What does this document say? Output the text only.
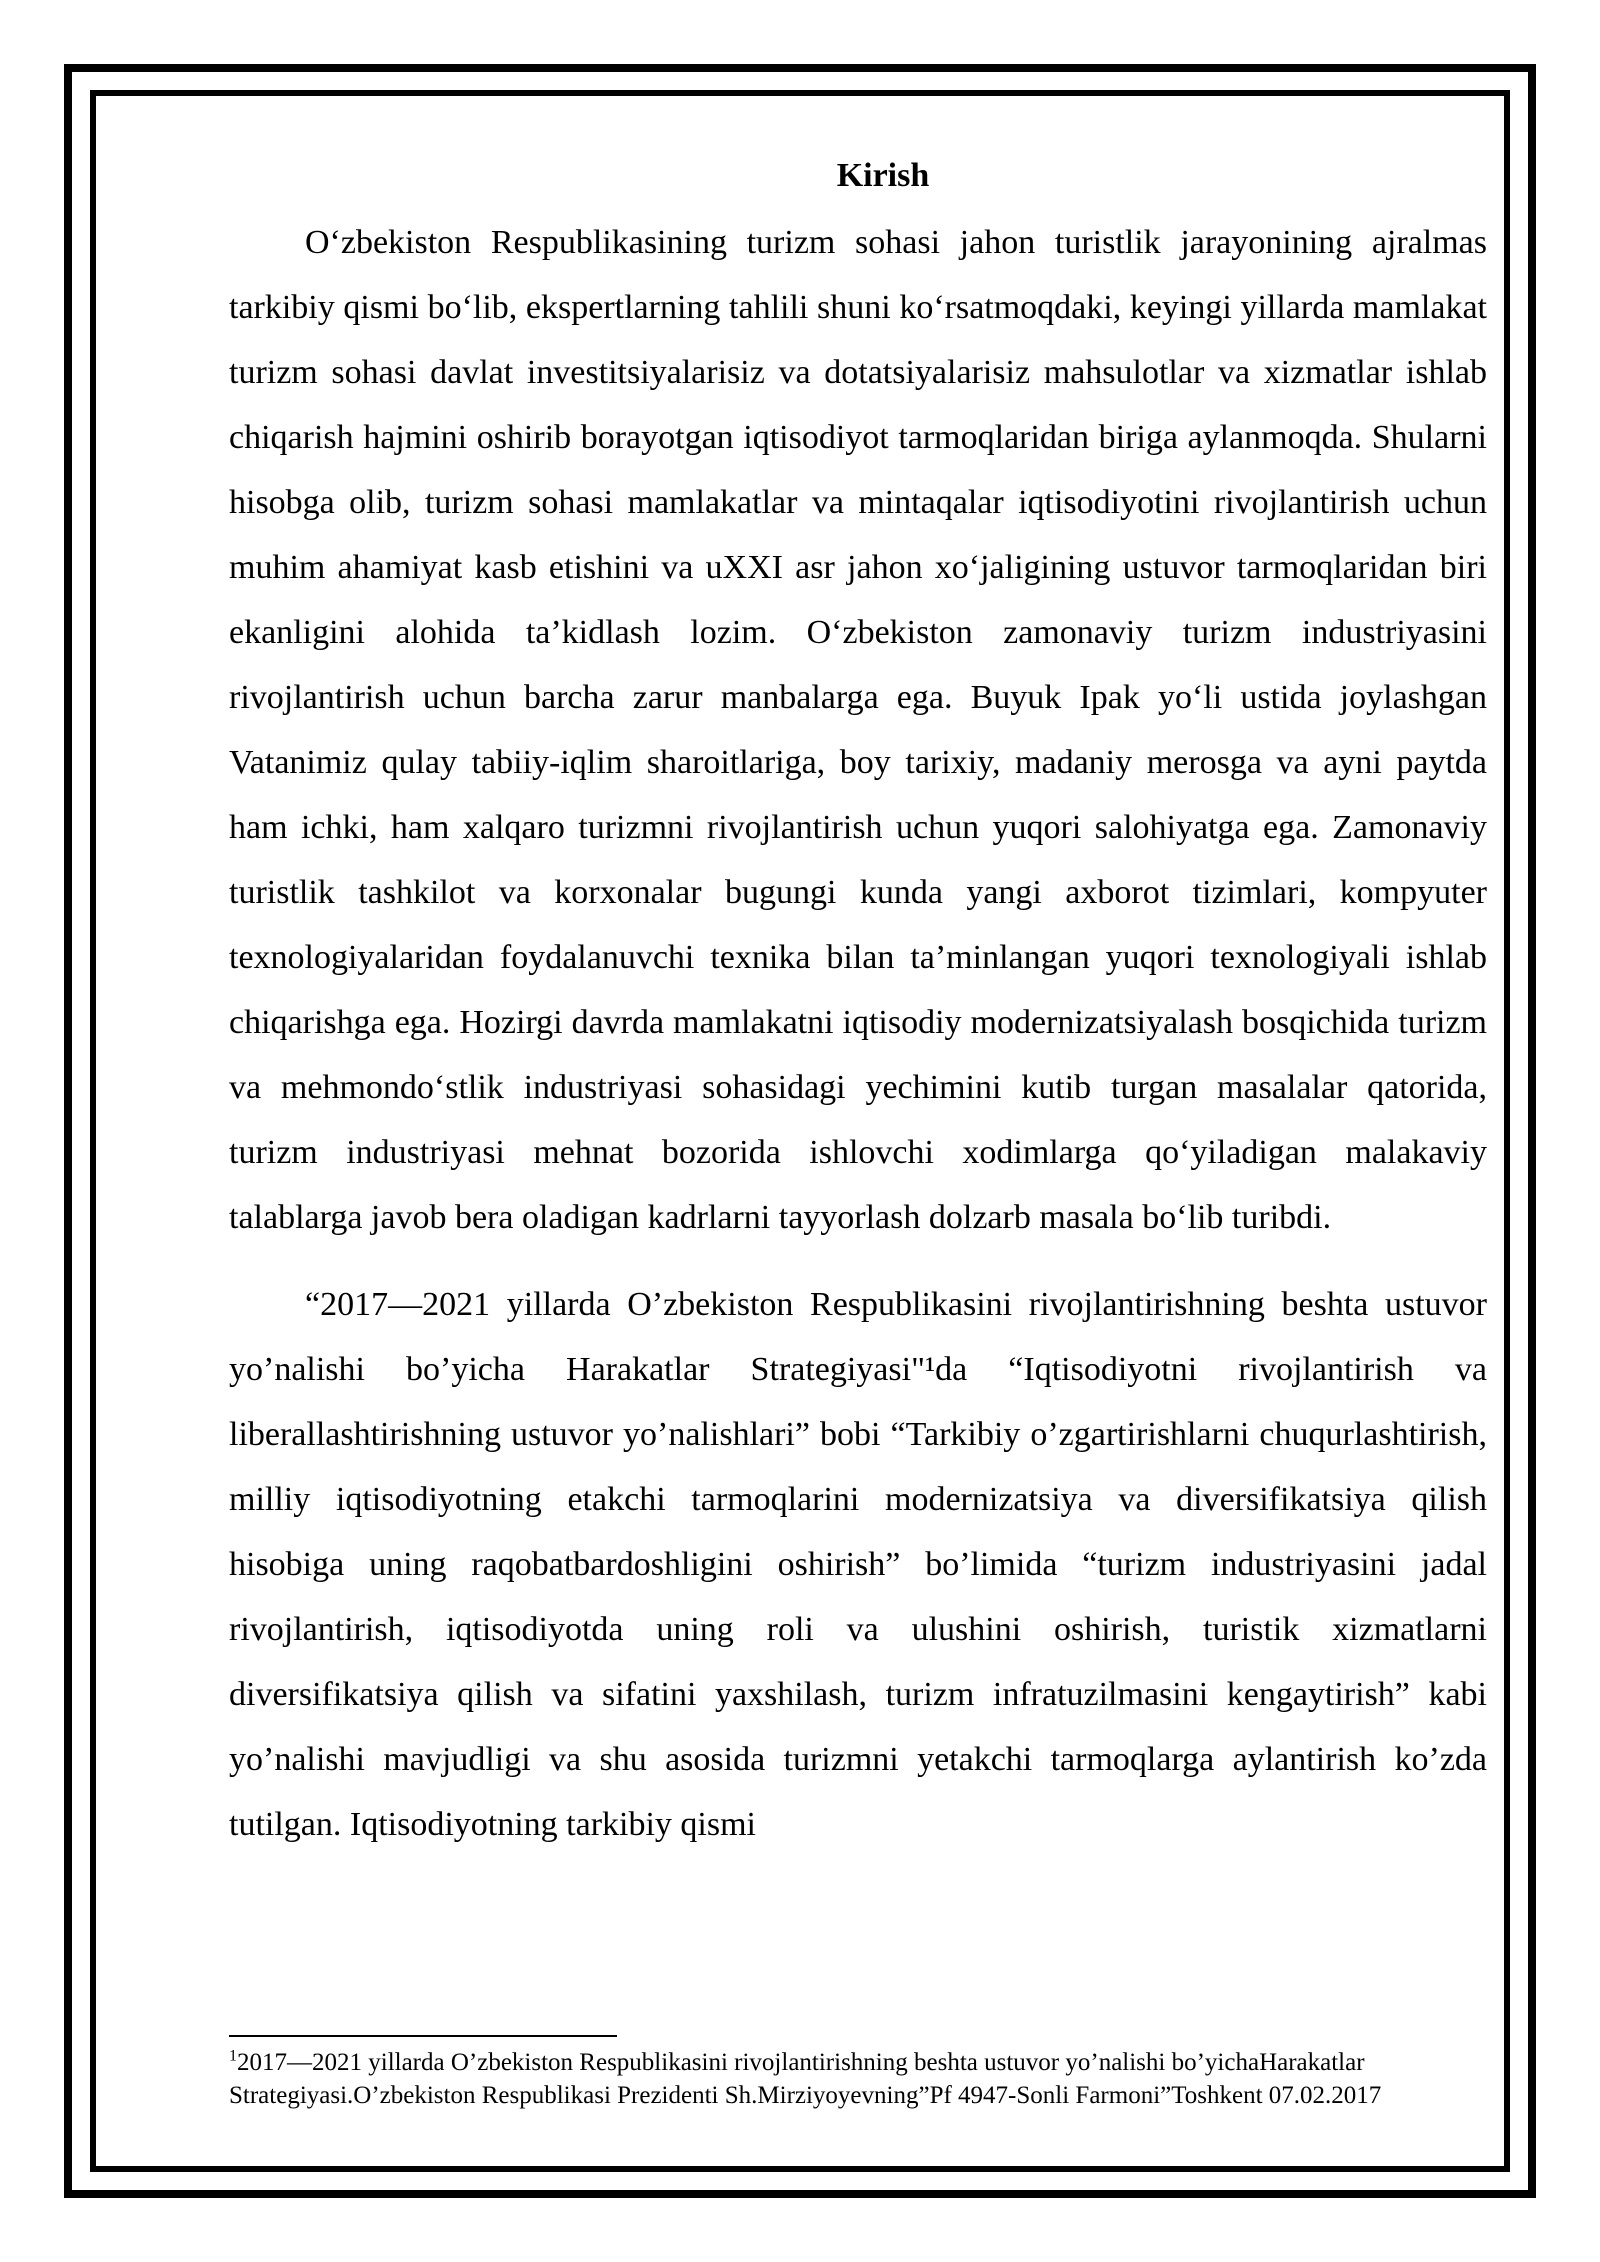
Kirish

O‘zbekiston Respublikasining turizm sohasi jahon turistlik jarayonining ajralmas tarkibiy qismi bo‘lib, ekspertlarning tahlili shuni ko‘rsatmoqdaki, keyingi yillarda mamlakat turizm sohasi davlat investitsiyalarisiz va dotatsiyalarisiz mahsulotlar va xizmatlar ishlab chiqarish hajmini oshirib borayotgan iqtisodiyot tarmoqlaridan biriga aylanmoqda. Shularni hisobga olib, turizm sohasi mamlakatlar va mintaqalar iqtisodiyotini rivojlantirish uchun muhim ahamiyat kasb etishini va uXXI asr jahon xo‘jaligining ustuvor tarmoqlaridan biri ekanligini alohida ta’kidlash lozim. O‘zbekiston zamonaviy turizm industriyasini rivojlantirish uchun barcha zarur manbalarga ega. Buyuk Ipak yo‘li ustida joylashgan Vatanimiz qulay tabiiy-iqlim sharoitlariga, boy tarixiy, madaniy merosga va ayni paytda ham ichki, ham xalqaro turizmni rivojlantirish uchun yuqori salohiyatga ega. Zamonaviy turistlik tashkilot va korxonalar bugungi kunda yangi axborot tizimlari, kompyuter texnologiyalaridan foydalanuvchi texnika bilan ta’minlangan yuqori texnologiyali ishlab chiqarishga ega. Hozirgi davrda mamlakatni iqtisodiy modernizatsiyalash bosqichida turizm va mehmondo‘stlik industriyasi sohasidagi yechimini kutib turgan masalalar qatorida, turizm industriyasi mehnat bozorida ishlovchi xodimlarga qo‘yiladigan malakaviy talablarga javob bera oladigan kadrlarni tayyorlash dolzarb masala bo‘lib turibdi.

“2017—2021 yillarda O’zbekiston Respublikasini rivojlantirishning beshta ustuvor yo’nalishi bo’yicha Harakatlar Strategiyasi"¹da “Iqtisodiyotni rivojlantirish va liberallashtirishning ustuvor yo’nalishlari” bobi “Tarkibiy o’zgartirishlarni chuqurlashtirish, milliy iqtisodiyotning etakchi tarmoqlarini modernizatsiya va diversifikatsiya qilish hisobiga uning raqobatbardoshligini oshirish” bo’limida “turizm industriyasini jadal rivojlantirish, iqtisodiyotda uning roli va ulushini oshirish, turistik xizmatlarni diversifikatsiya qilish va sifatini yaxshilash, turizm infratuzilmasini kengaytirish” kabi yo’nalishi mavjudligi va shu asosida turizmni yetakchi tarmoqlarga aylantirish ko’zda tutilgan. Iqtisodiyotning tarkibiy qismi

$^1$2017—2021 yillarda O’zbekiston Respublikasini rivojlantirishning beshta ustuvor yo’nalishi bo’yichaHarakatlar Strategiyasi.O’zbekiston Respublikasi Prezidenti Sh.Mirziyoyevning”Pf 4947-Sonli Farmoni”Toshkent 07.02.2017
